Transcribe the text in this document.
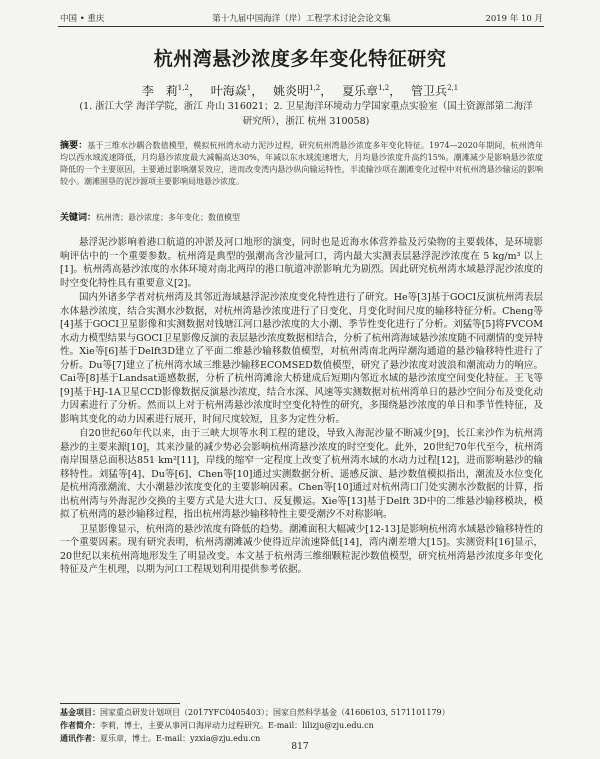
中国 • 重庆	第十九届中国海洋（岸）工程学术讨论会论文集	2019 年 10 月
杭州湾悬沙浓度多年变化特征研究
李　莉$^{1,2}$， 叶海焱$^1$， 姚炎明$^{1,2}$， 夏乐章$^{1,2}$， 管卫兵$^{2,1}$
(1. 浙江大学 海洋学院，浙江 舟山 316021；2. 卫星海洋环境动力学国家重点实验室（国土资源部第二海洋研究所），浙江 杭州 310058)
摘要：基于三维水沙耦合数值模型，模拟杭州湾水动力泥沙过程，研究杭州湾悬沙浓度多年变化特征。1974—2020年期间，杭州湾年均以西水域流速降低，月均悬沙浓度最大减幅高达30%，年减以东水域流速增大，月均悬沙浓度升高约15%。潮滩减少是影响悬沙浓度降低的一个主要原因，主要通过影响潮泵效应，进而改变湾内悬沙纵向输运特性，半流输沙项在潮滩变化过程中对杭州湾悬沙输运的影响较小。潮滩围垦的泥沙源项主要影响局地悬沙浓度。
关键词：杭州湾；悬沙浓度；多年变化；数值模型

悬浮泥沙影响着港口航道的冲淤及河口地形的演变，同时也是近海水体营养盐及污染物的主要载体，是环境影响评估中的一个重要参数。杭州湾是典型的强潮高含沙量河口，湾内最大实测表层悬浮泥沙浓度在 5 kg/m³ 以上[1]。杭州湾高悬沙浓度的水体环境对南北两岸的港口航道冲淤影响尤为剧烈。因此研究杭州湾水域悬浮泥沙浓度的时空变化特性具有重要意义[2]。

国内外诸多学者对杭州湾及其邻近海域悬浮泥沙浓度变化特性进行了研究。He等[3]基于GOCI反演杭州湾表层水体悬沙浓度，结合实测水沙数据，对杭州湾悬沙浓度进行了日变化、月变化时间尺度的输移特征分析。Cheng等[4]基于GOCI卫星影像和实测数据对钱塘江河口悬沙浓度的大小潮、季节性变化进行了分析。刘猛等[5]将FVCOM水动力模型结果与GOCI卫星影像反演的表层悬沙浓度数据相结合，分析了杭州湾海域悬沙浓度随不同潮情的变异特性。Xie等[6]基于Delft3D建立了平面二维悬沙输移数值模型，对杭州湾南北两岸潮沟通道的悬沙输移特性进行了分析。Du等[7]建立了杭州湾水域三维悬沙输移ECOMSED数值模型，研究了悬沙浓度对波浪和潮流动力的响应。Cai等[8]基于Landsat遥感数据，分析了杭州湾滩涂大桥建成后短期内邻近水域的悬沙浓度空间变化特征。王飞等[9]基于HJ-1A卫星CCD影像数据反演悬沙浓度，结合水深、风速等实测数据对杭州湾单日的悬沙空间分布及变化动力因素进行了分析。然而以上对于杭州湾悬沙浓度时空变化特性的研究，多围绕悬沙浓度的单日和季节性特征，及影响其变化的动力因素进行展开，时间尺度较短，且多为定性分析。

自20世纪60年代以来，由于三峡大坝等水利工程的建设，导致入海泥沙量不断减少[9]，长江来沙作为杭州湾悬沙的主要来源[10]，其来沙量的减少势必会影响杭州湾悬沙浓度的时空变化。此外，20世纪70年代至今，杭州湾南岸围垦总面积达851 km²[11]，岸线的缩窄一定程度上改变了杭州湾水域的水动力过程[12]，进而影响悬沙的输移特性。刘猛等[4]、Du等[6]、Chen等[10]通过实测数据分析、遥感反演、悬沙数值模拟指出，潮流及水位变化是杭州湾涨潮流、大小潮悬沙浓度变化的主要影响因素。Chen等[10]通过对杭州湾口门处实测水沙数据的计算，指出杭州湾与外海泥沙交换的主要方式是大进大口、反复搬运。Xie等[13]基于Delft 3D中的二维悬沙输移模块，模拟了杭州湾的悬沙输移过程，指出杭州湾悬沙输移特性主要受潮汐不对称影响。

卫星影像显示，杭州湾的悬沙浓度有降低的趋势。潮滩面积大幅减少[12-13]是影响杭州湾水域悬沙输移特性的一个重要因素。现有研究表明，杭州湾潮滩减少使得近岸流速降低[14]，湾内潮差增大[15]。实测资料[16]显示，20世纪以来杭州湾地形发生了明显改变。本文基于杭州湾三维细颗粒泥沙数值模型，研究杭州湾悬沙浓度多年变化特征及产生机理，以期为河口工程规划利用提供参考依据。

基金项目：国家重点研发计划项目（2017YFC0405403）；国家自然科学基金（41606103, 5171101179）
作者简介：李莉，博士，主要从事河口海岸动力过程研究。E-mail：lilizju@zju.edu.cn
通讯作者：夏乐章，博士。E-mail：yzxia@zju.edu.cn
817
